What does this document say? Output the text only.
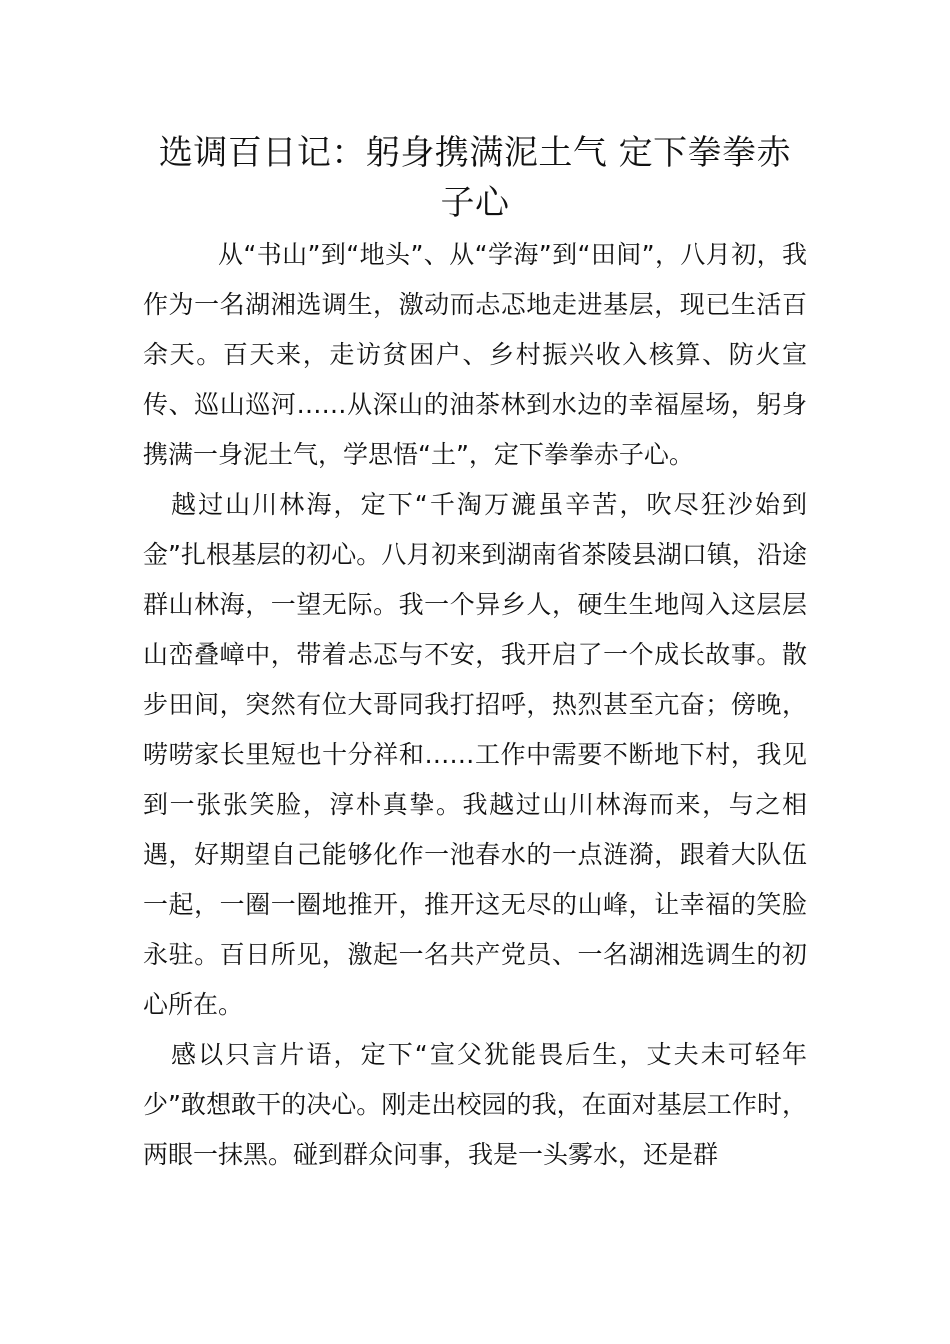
选调百日记：躬身携满泥土气 定下拳拳赤子心

从“书山”到“地头”、从“学海”到“田间”，八月初，我作为一名湖湘选调生，激动而忐忑地走进基层，现已生活百余天。百天来，走访贫困户、乡村振兴收入核算、防火宣传、巡山巡河……从深山的油茶林到水边的幸福屋场，躬身携满一身泥土气，学思悟“土”，定下拳拳赤子心。

越过山川林海，定下“千淘万漉虽辛苦，吹尽狂沙始到金”扎根基层的初心。八月初来到湖南省茶陵县湖口镇，沿途群山林海，一望无际。我一个异乡人，硬生生地闯入这层层山峦叠嶂中，带着忐忑与不安，我开启了一个成长故事。散步田间，突然有位大哥同我打招呼，热烈甚至亢奋；傍晚，唠唠家长里短也十分祥和……工作中需要不断地下村，我见到一张张笑脸，淳朴真挚。我越过山川林海而来，与之相遇，好期望自己能够化作一池春水的一点涟漪，跟着大队伍一起，一圈一圈地推开，推开这无尽的山峰，让幸福的笑脸永驻。百日所见，激起一名共产党员、一名湖湘选调生的初心所在。

感以只言片语，定下“宣父犹能畏后生，丈夫未可轻年少”敢想敢干的决心。刚走出校园的我，在面对基层工作时，两眼一抹黑。碰到群众问事，我是一头雾水，还是群
